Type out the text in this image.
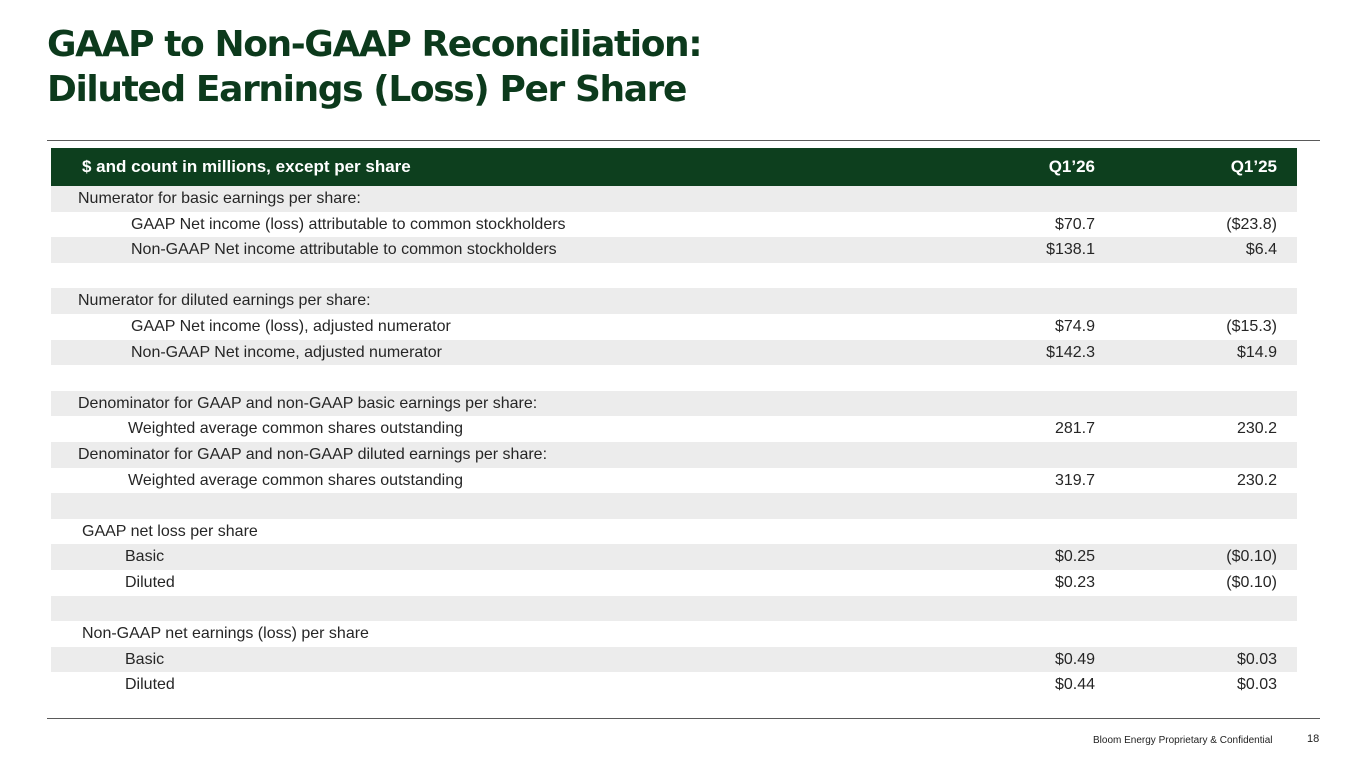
GAAP to Non-GAAP Reconciliation:
Diluted Earnings (Loss) Per Share
$ and count in millions, except per share	Q1’26	Q1’25
Numerator for basic earnings per share:
GAAP Net income (loss) attributable to common stockholders	$70.7	($23.8)
Non-GAAP Net income attributable to common stockholders	$138.1	$6.4
Numerator for diluted earnings per share:
GAAP Net income (loss), adjusted numerator	$74.9	($15.3)
Non-GAAP Net income, adjusted numerator	$142.3	$14.9
Denominator for GAAP and non-GAAP basic earnings per share:
Weighted average common shares outstanding	281.7	230.2
Denominator for GAAP and non-GAAP diluted earnings per share:
Weighted average common shares outstanding	319.7	230.2
GAAP net loss per share
Basic	$0.25	($0.10)
Diluted	$0.23	($0.10)
Non-GAAP net earnings (loss) per share
Basic	$0.49	$0.03
Diluted	$0.44	$0.03
Bloom Energy Proprietary & Confidential	18
